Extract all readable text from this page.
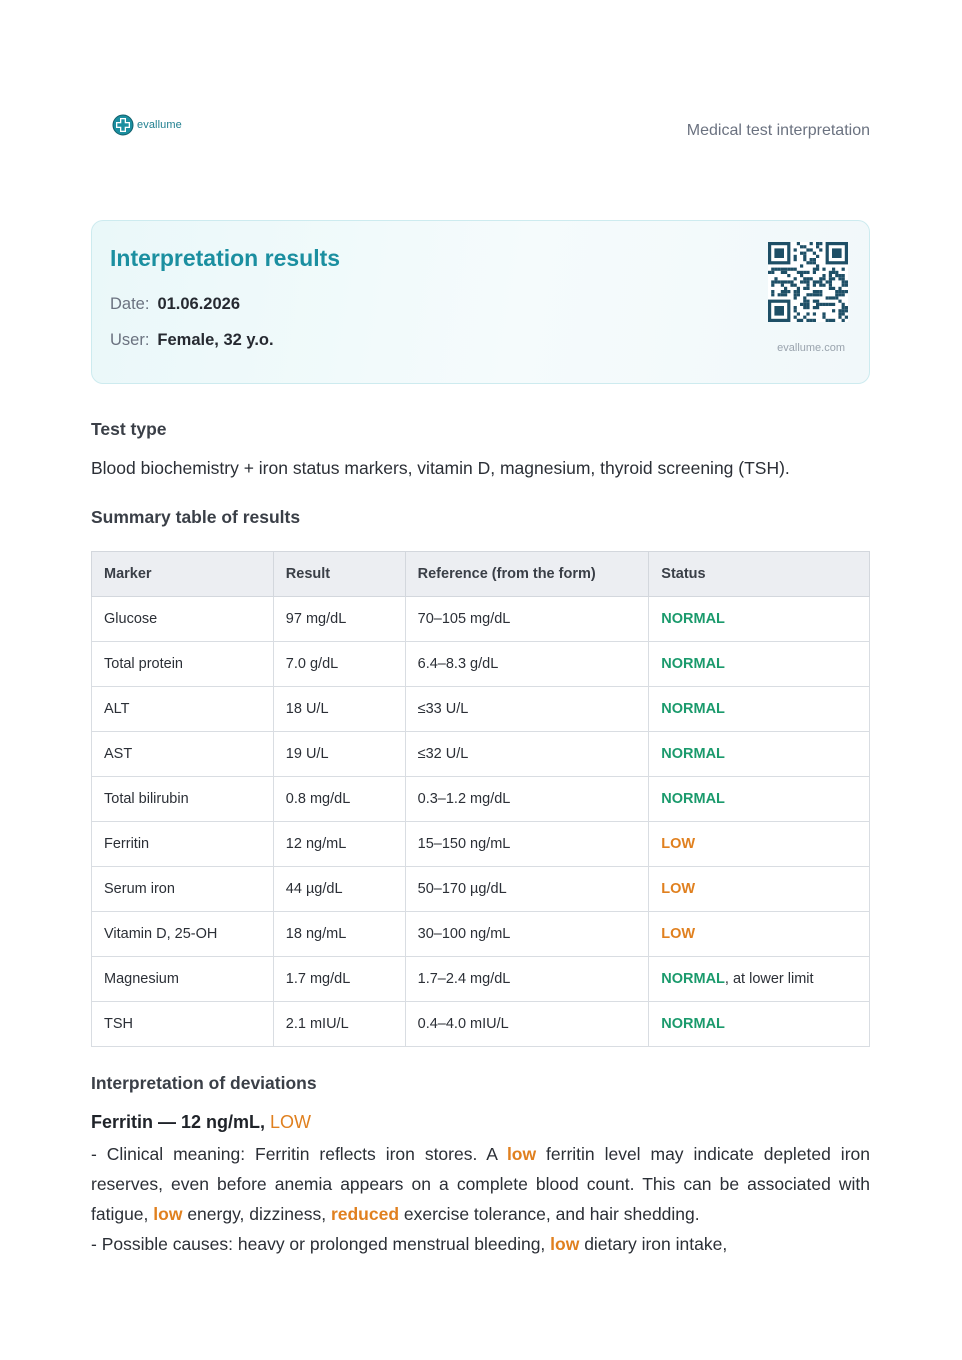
evallume	Medical test interpretation
Interpretation results
Date: 01.06.2026
User: Female, 32 y.o.	evallume.com
Test type
Blood biochemistry + iron status markers, vitamin D, magnesium, thyroid screening (TSH).
Summary table of results
Marker	Result	Reference (from the form)	Status
Glucose	97 mg/dL	70–105 mg/dL	NORMAL
Total protein	7.0 g/dL	6.4–8.3 g/dL	NORMAL
ALT	18 U/L	≤33 U/L	NORMAL
AST	19 U/L	≤32 U/L	NORMAL
Total bilirubin	0.8 mg/dL	0.3–1.2 mg/dL	NORMAL
Ferritin	12 ng/mL	15–150 ng/mL	LOW
Serum iron	44 µg/dL	50–170 µg/dL	LOW
Vitamin D, 25-OH	18 ng/mL	30–100 ng/mL	LOW
Magnesium	1.7 mg/dL	1.7–2.4 mg/dL	NORMAL, at lower limit
TSH	2.1 mIU/L	0.4–4.0 mIU/L	NORMAL
Interpretation of deviations
Ferritin — 12 ng/mL, LOW

- Clinical meaning: Ferritin reflects iron stores. A low ferritin level may indicate depleted iron reserves, even before anemia appears on a complete blood count. This can be associated with fatigue, low energy, dizziness, reduced exercise tolerance, and hair shedding.

- Possible causes: heavy or prolonged menstrual bleeding, low dietary iron intake,
